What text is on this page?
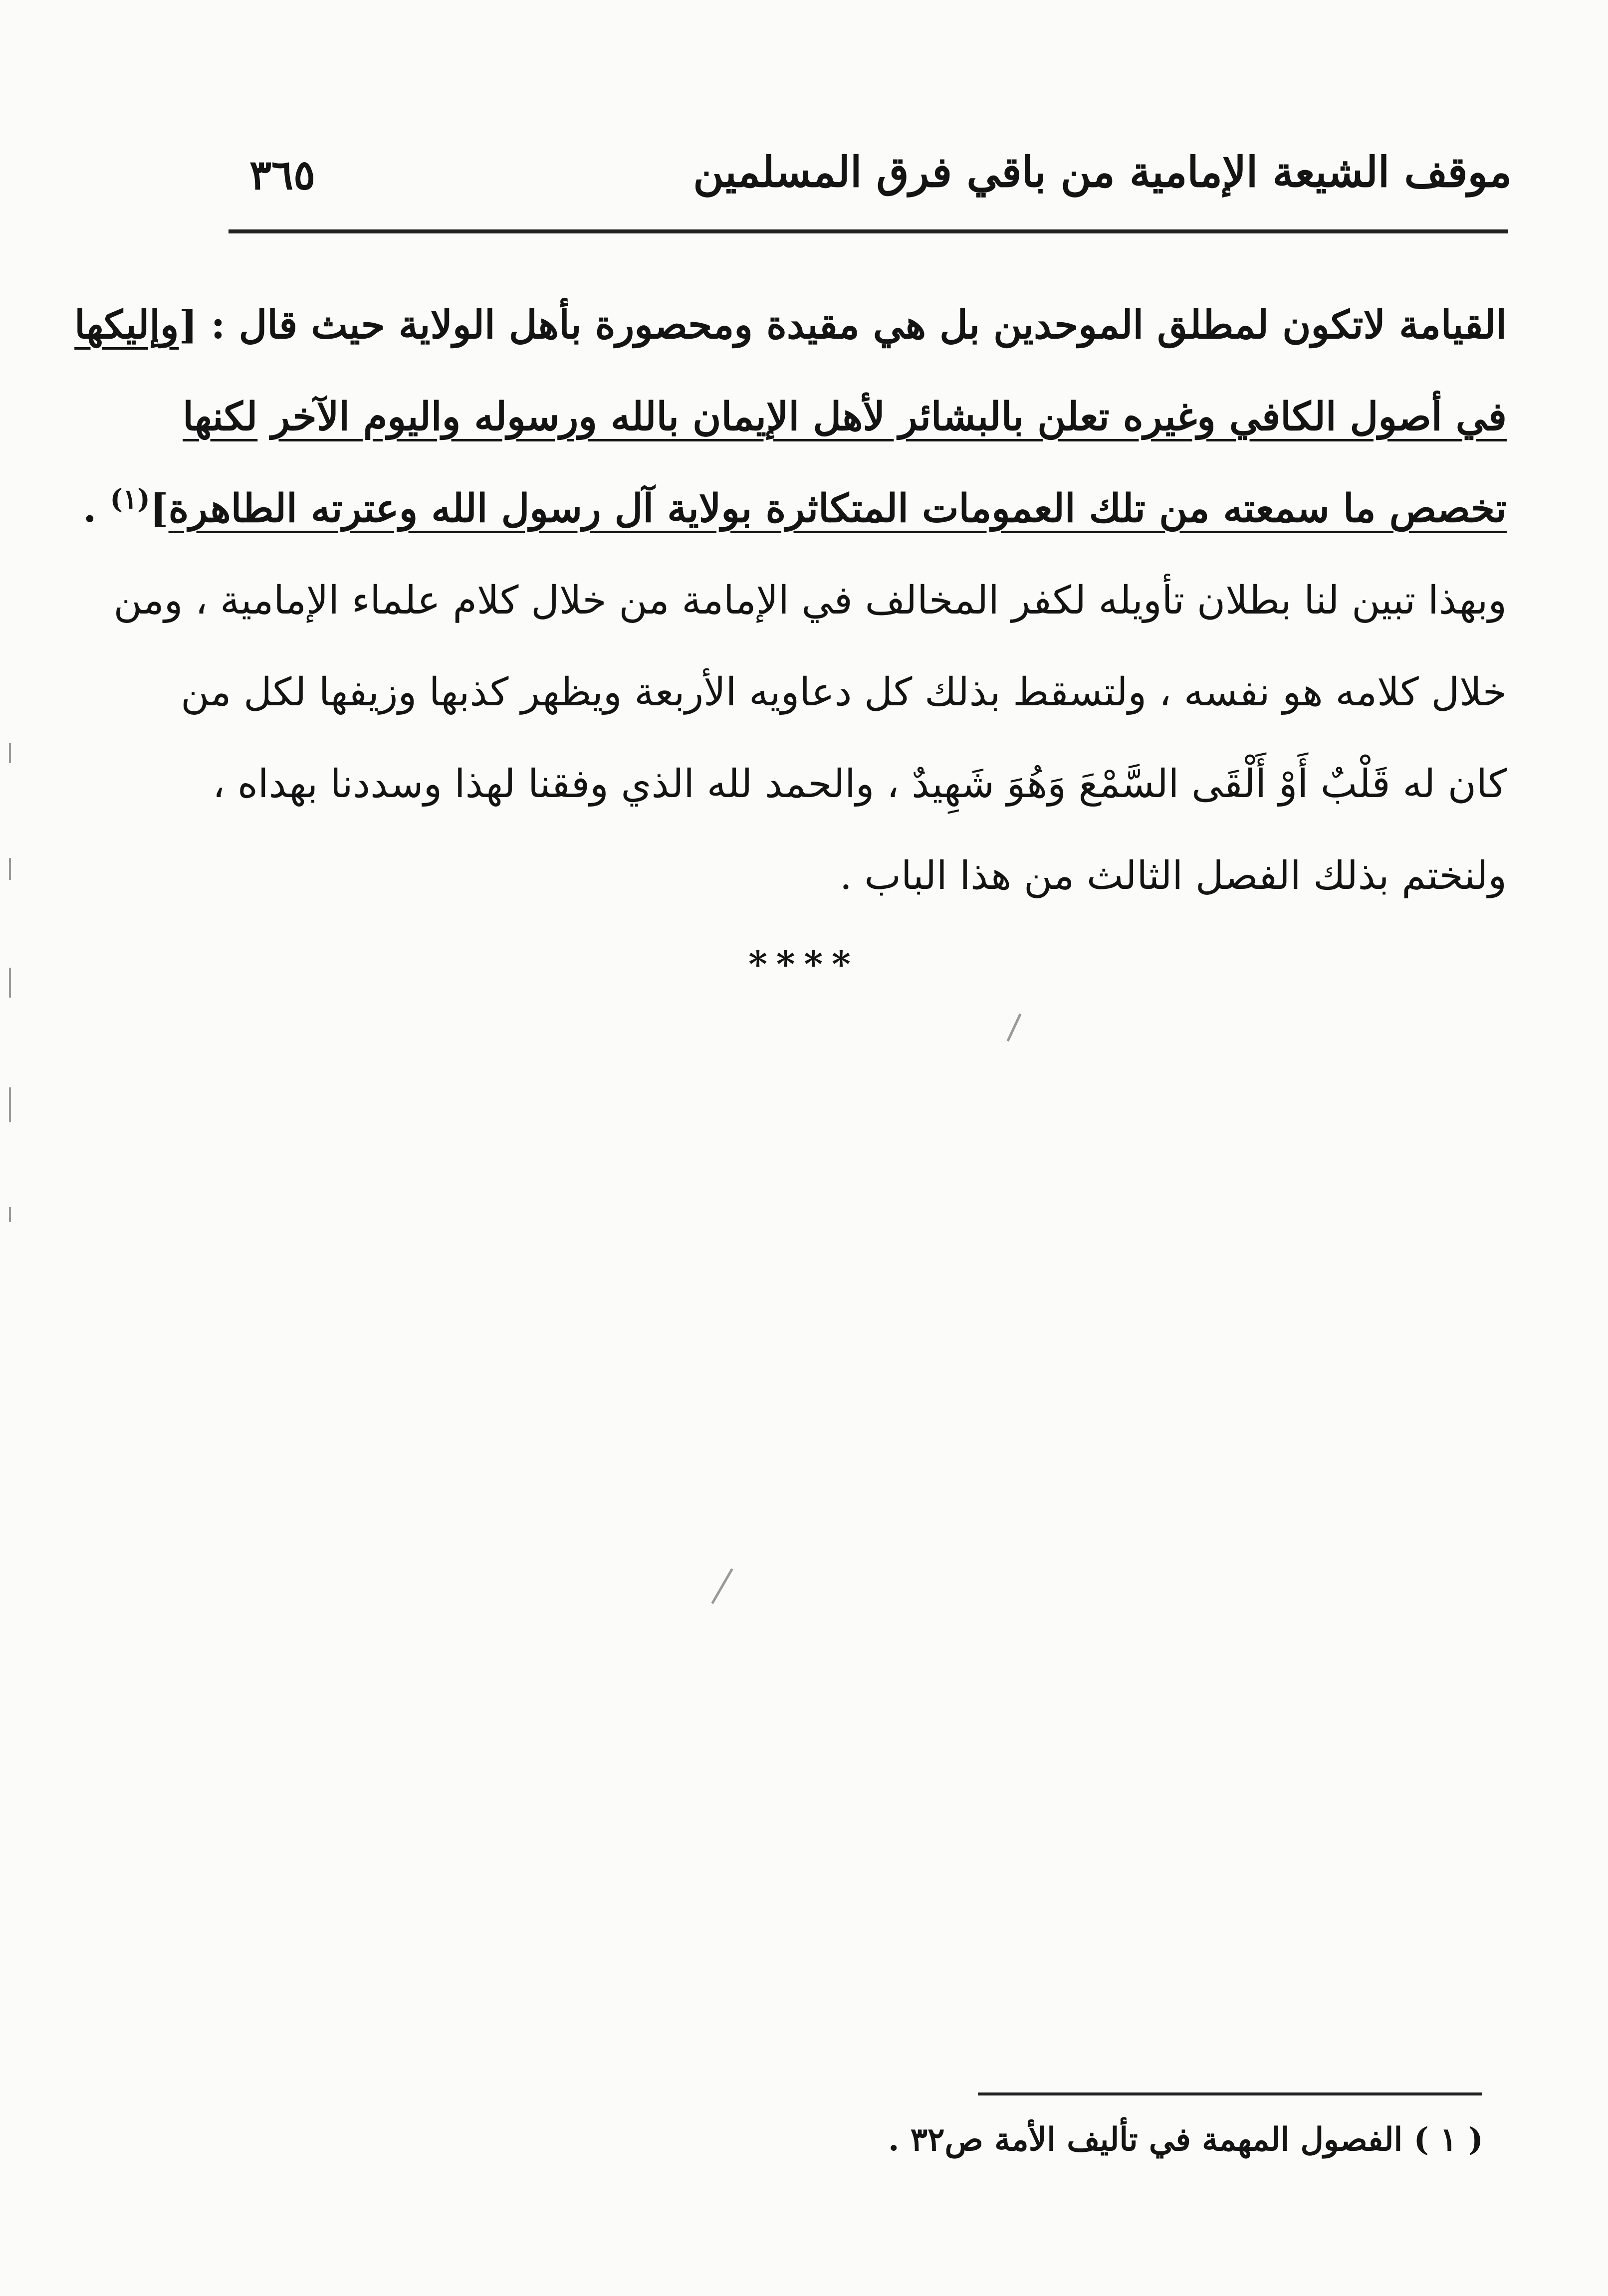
موقف الشيعة الإمامية من باقي فرق المسلمين
٣٦٥
القيامة لاتكون لمطلق الموحدين بل هي مقيدة ومحصورة بأهل الولاية حيث قال : [وإليكها
في أصول الكافي وغيره تعلن بالبشائر لأهل الإيمان بالله ورسوله واليوم الآخر لكنها
تخصص ما سمعته من تلك العمومات المتكاثرة بولاية آل رسول الله وعترته الطاهرة]$^{(١)}$ .
وبهذا تبين لنا بطلان تأويله لكفر المخالف في الإمامة من خلال كلام علماء الإمامية ، ومن
خلال كلامه هو نفسه ، ولتسقط بذلك كل دعاويه الأربعة ويظهر كذبها وزيفها لكل من
كان له قَلْبٌ أَوْ أَلْقَى السَّمْعَ وَهُوَ شَهِيدٌ ، والحمد لله الذي وفقنا لهذا وسددنا بهداه ،
ولنختم بذلك الفصل الثالث من هذا الباب .
****
( ١ ) الفصول المهمة في تأليف الأمة ص٣٢ .
